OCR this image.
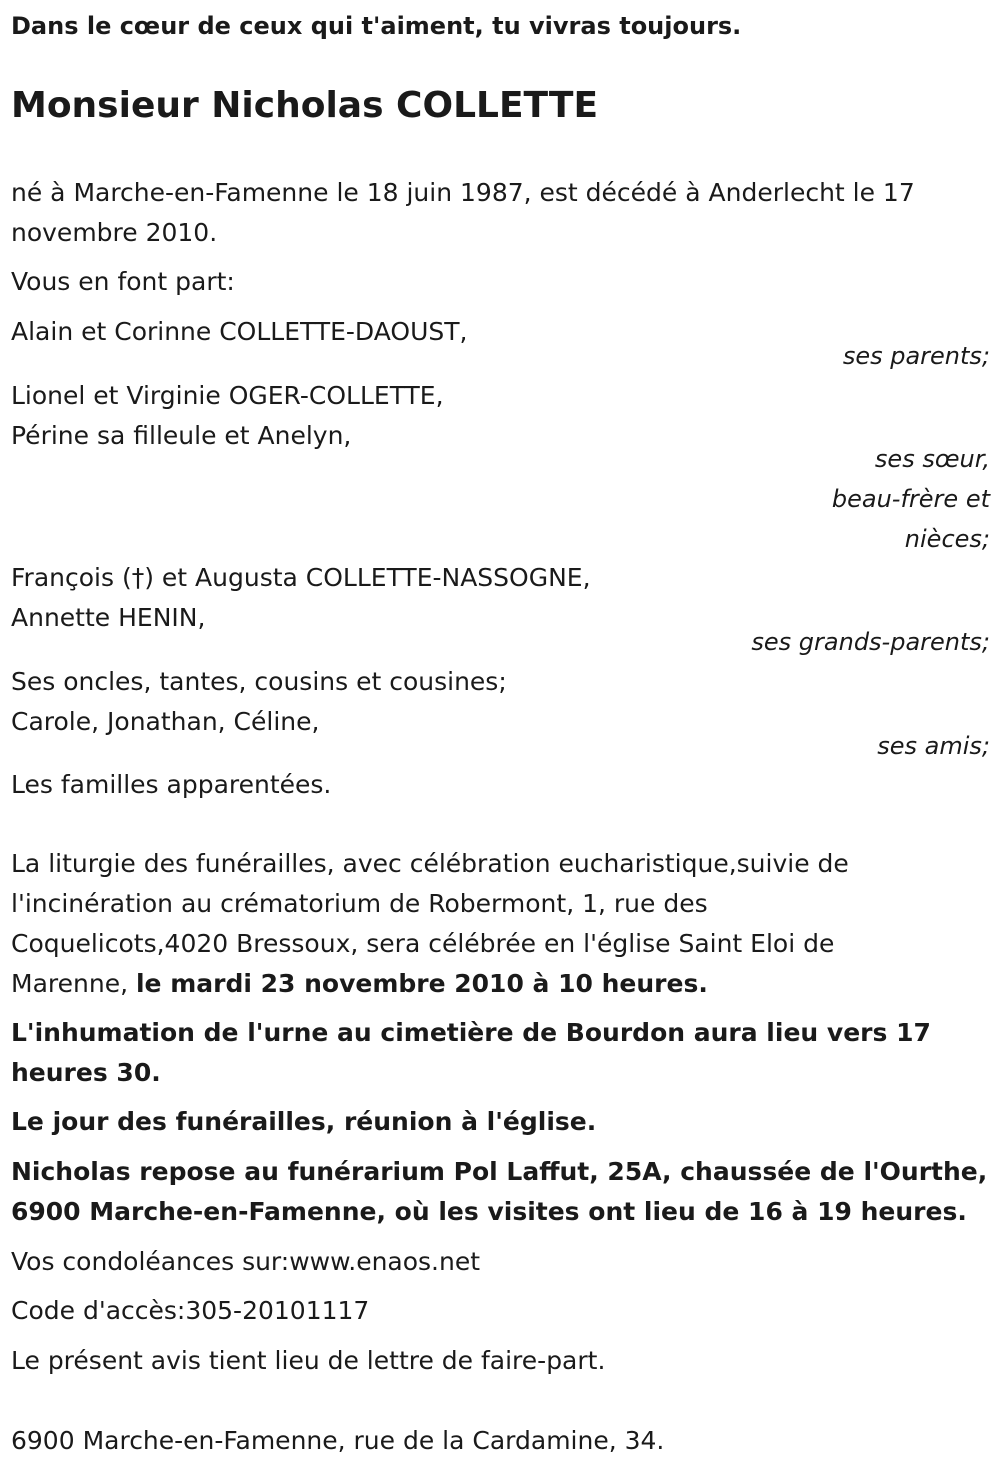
Dans le cœur de ceux qui t'aiment, tu vivras toujours.

Monsieur Nicholas COLLETTE

né à Marche-en-Famenne le 18 juin 1987, est décédé à Anderlecht le 17

novembre 2010.

Vous en font part:

Alain et Corinne COLLETTE-DAOUST,

ses parents;

Lionel et Virginie OGER-COLLETTE,

Périne sa filleule et Anelyn,

ses sœur,
beau-frère et
nièces;

François (†) et Augusta COLLETTE-NASSOGNE,

Annette HENIN,

ses grands-parents;

Ses oncles, tantes, cousins et cousines;

Carole, Jonathan, Céline,

ses amis;

Les familles apparentées.

La liturgie des funérailles, avec célébration eucharistique,suivie de

l'incinération au crématorium de Robermont, 1, rue des

Coquelicots,4020 Bressoux, sera célébrée en l'église Saint Eloi de

Marenne, le mardi 23 novembre 2010 à 10 heures.

L'inhumation de l'urne au cimetière de Bourdon aura lieu vers 17

heures 30.

Le jour des funérailles, réunion à l'église.

Nicholas repose au funérarium Pol Laffut, 25A, chaussée de l'Ourthe,

6900 Marche-en-Famenne, où les visites ont lieu de 16 à 19 heures.

Vos condoléances sur:www.enaos.net

Code d'accès:305-20101117

Le présent avis tient lieu de lettre de faire-part.

6900 Marche-en-Famenne, rue de la Cardamine, 34.
